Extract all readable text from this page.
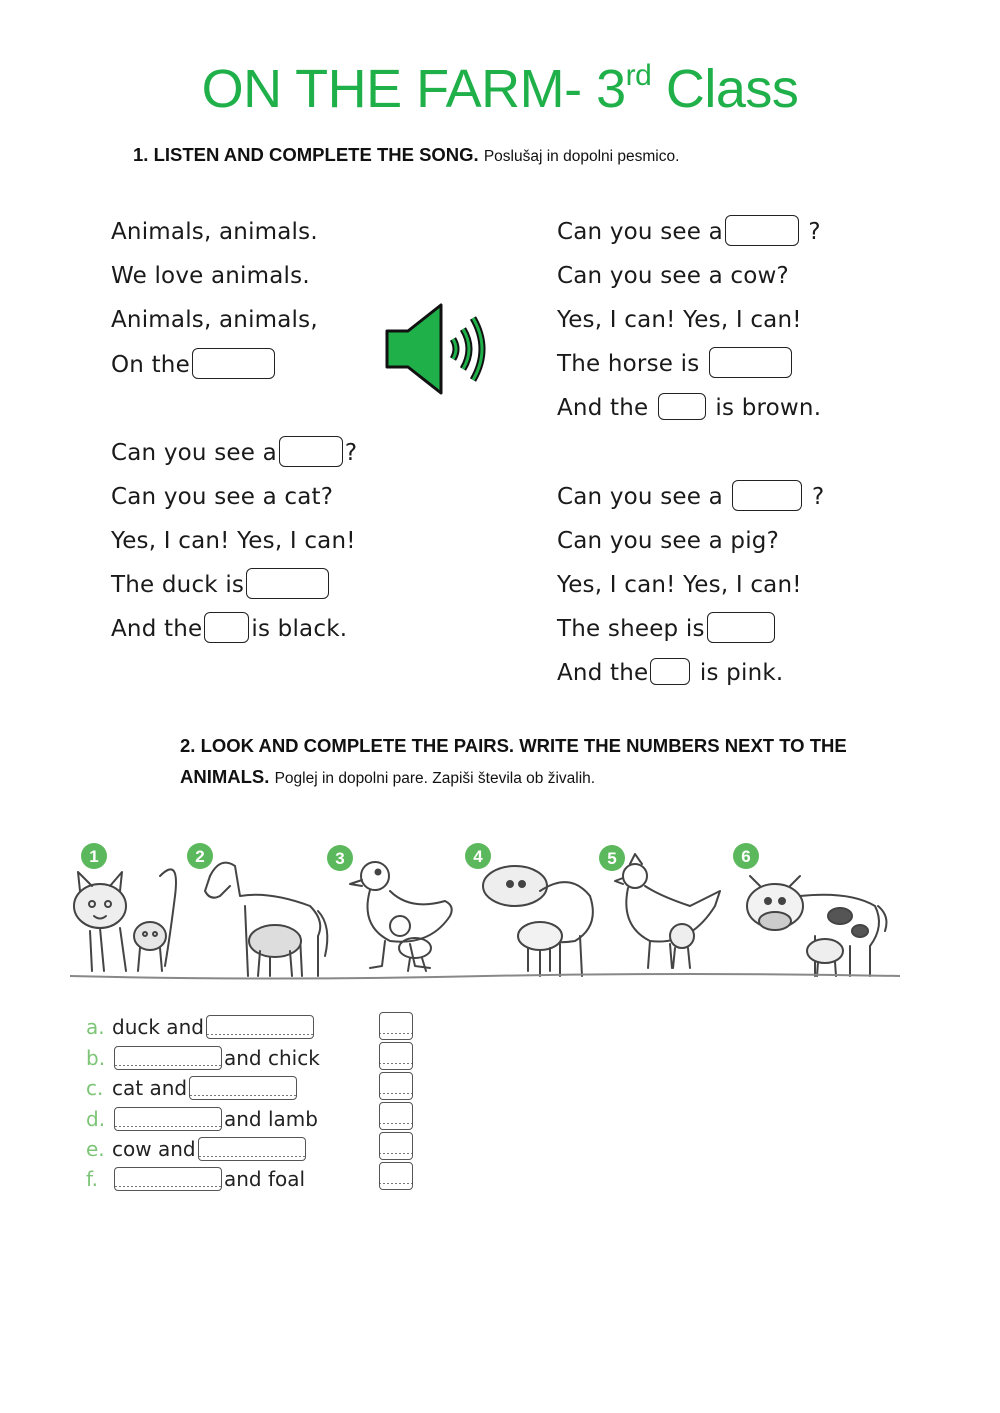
ON THE FARM- 3rd Class
1. LISTEN AND COMPLETE THE SONG. Posluša​j in dopolni pesmico.
Animals, animals.
We love animals.
Animals, animals,
On the
Can you see a	?
Can you see a cat?
Yes, I can! Yes, I can!
The duck is
And the is black.
Can you see a	?
Can you see a cow?
Yes, I can! Yes, I can!
The horse is
And the	is brown.
Can you see a	?
Can you see a pig?
Yes, I can! Yes, I can!
The sheep is
And the is pink.
2. LOOK AND COMPLETE THE PAIRS. WRITE THE NUMBERS NEXT TO THE ANIMALS. Poglej in dopolni pare. Zapiši števila ob živalih.
1	2	3	4	5	6
a. duck and
b.	and chick
c. cat and
d.	and lamb
e. cow and
f.	and foal
